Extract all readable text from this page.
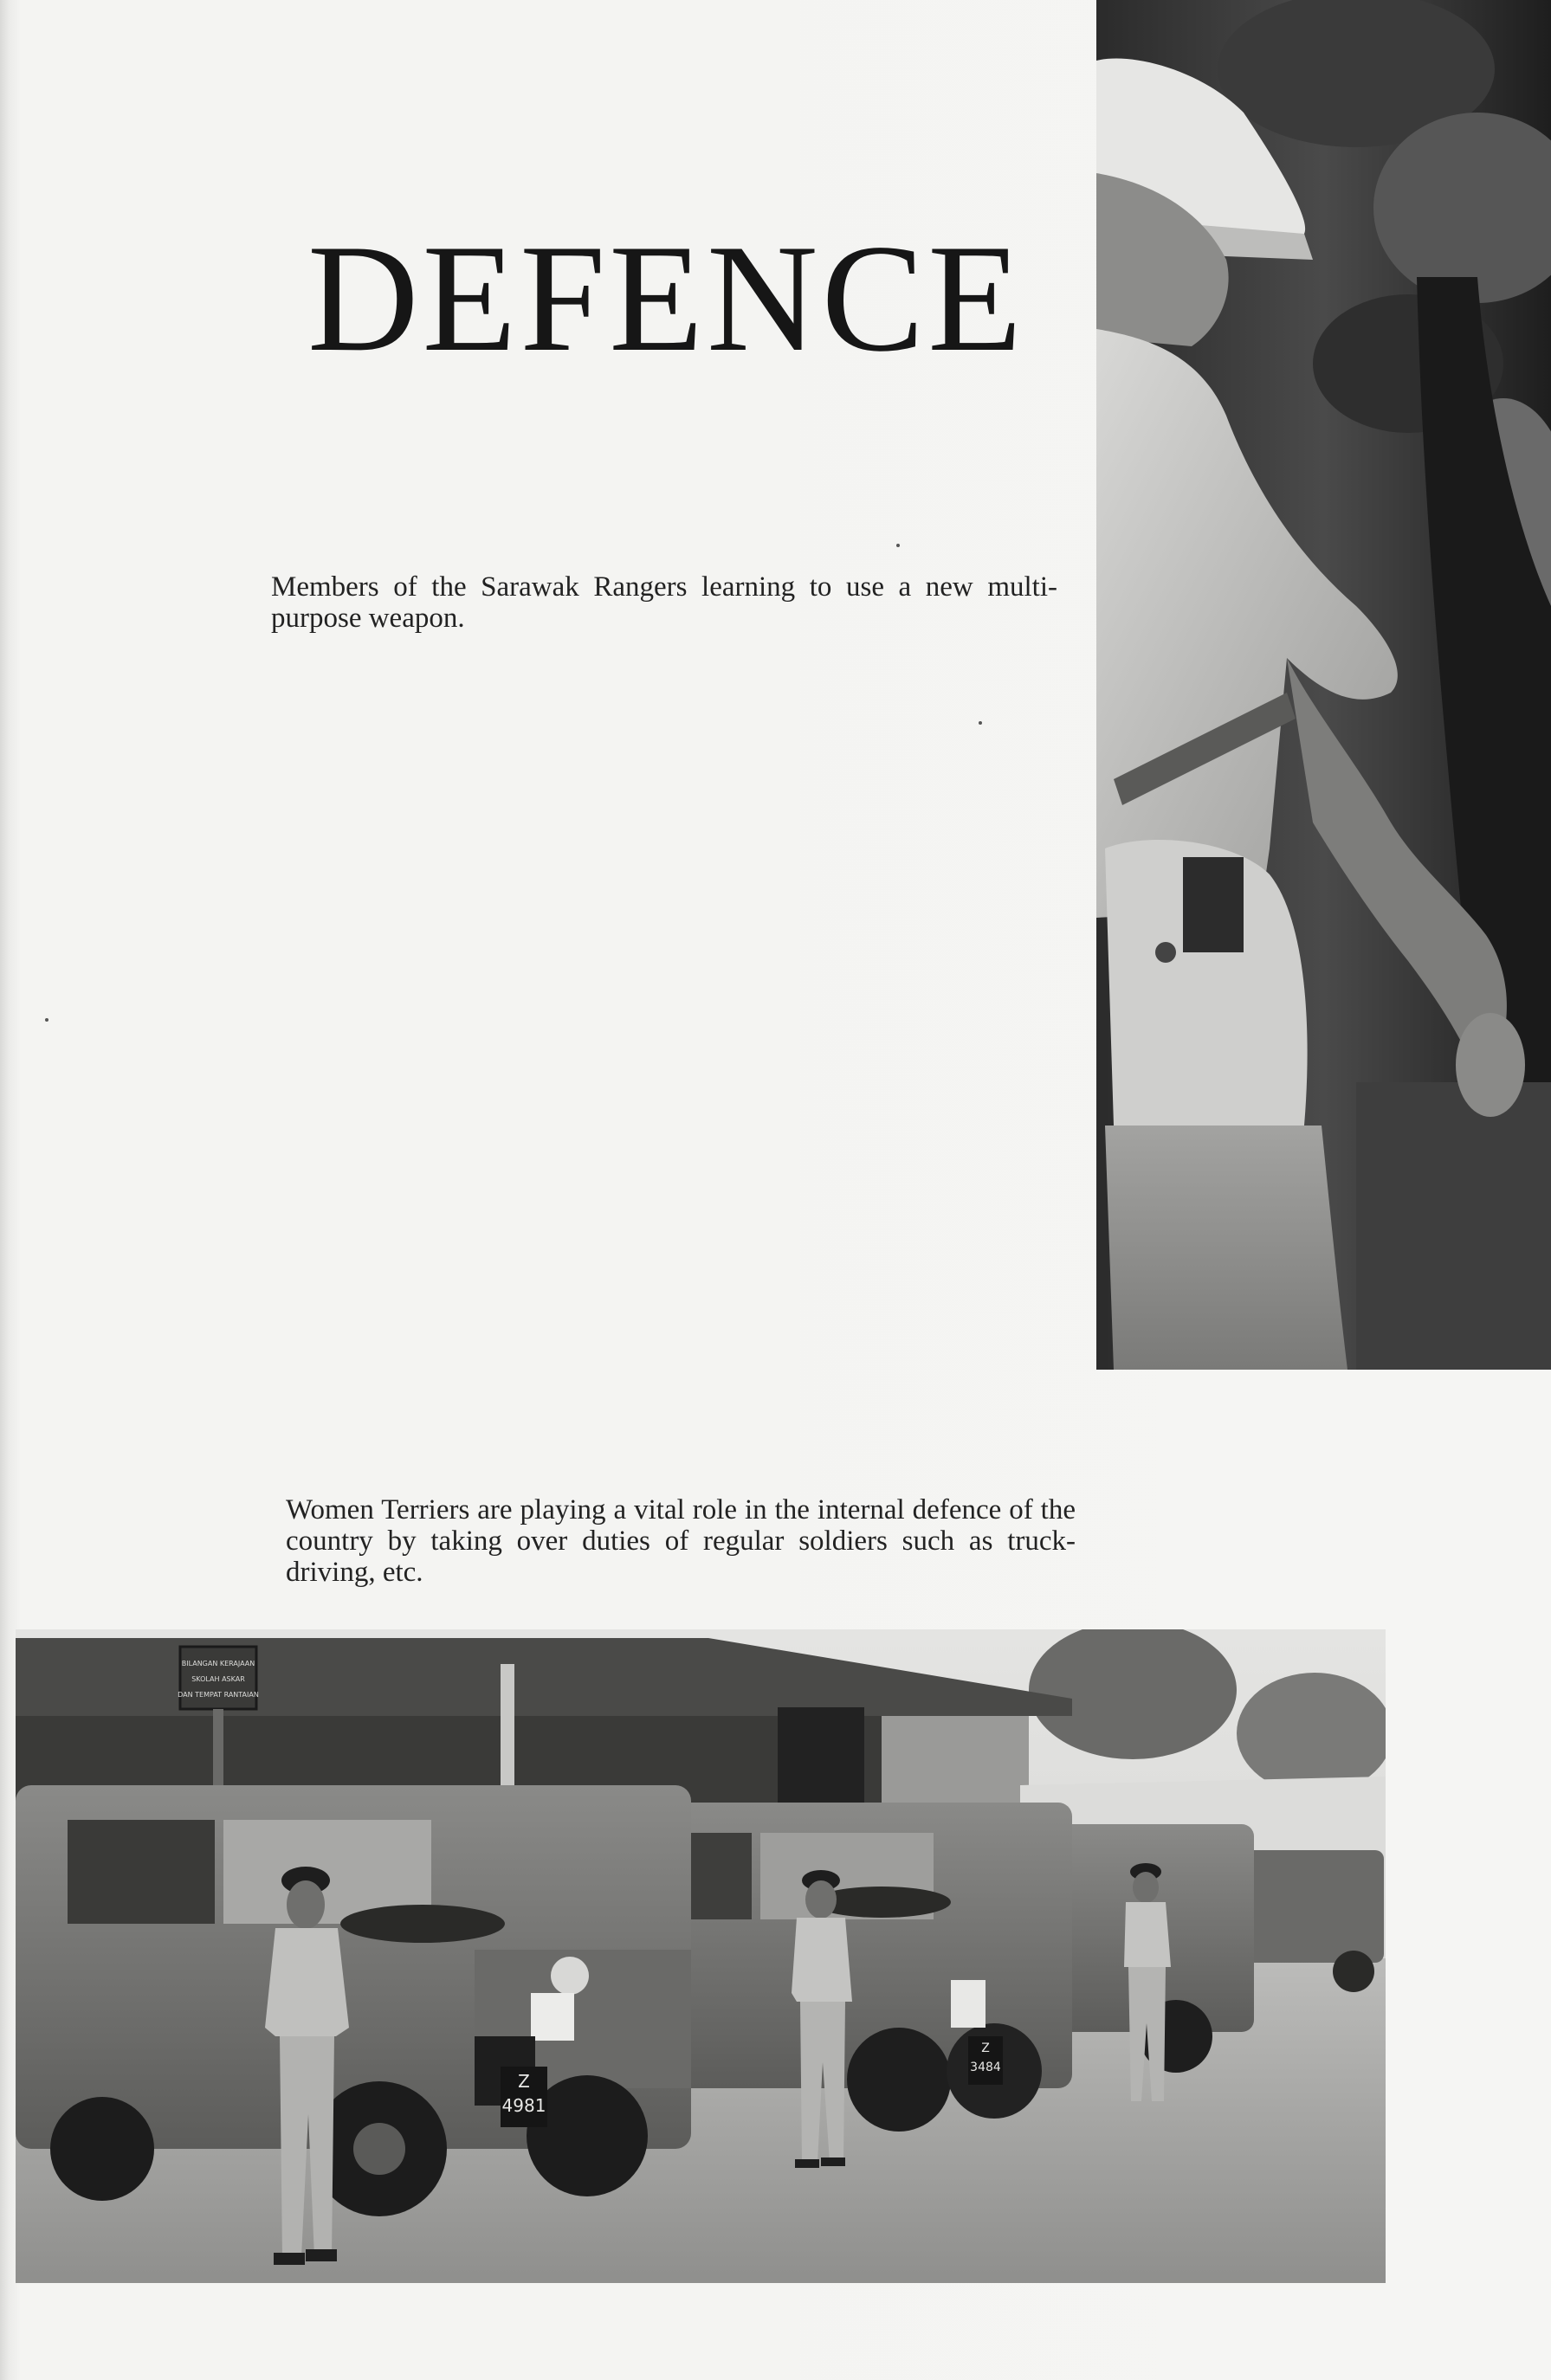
DEFENCE

Members of the Sarawak Rangers learning to use a new multi-purpose weapon.

Women Terriers are playing a vital role in the internal defence of the country by taking over duties of regular soldiers such as truck-driving, etc.

Z
4981
Z
3484
BILANGAN KERAJAAN
SKOLAH ASKAR
DAN TEMPAT RANTAIAN
